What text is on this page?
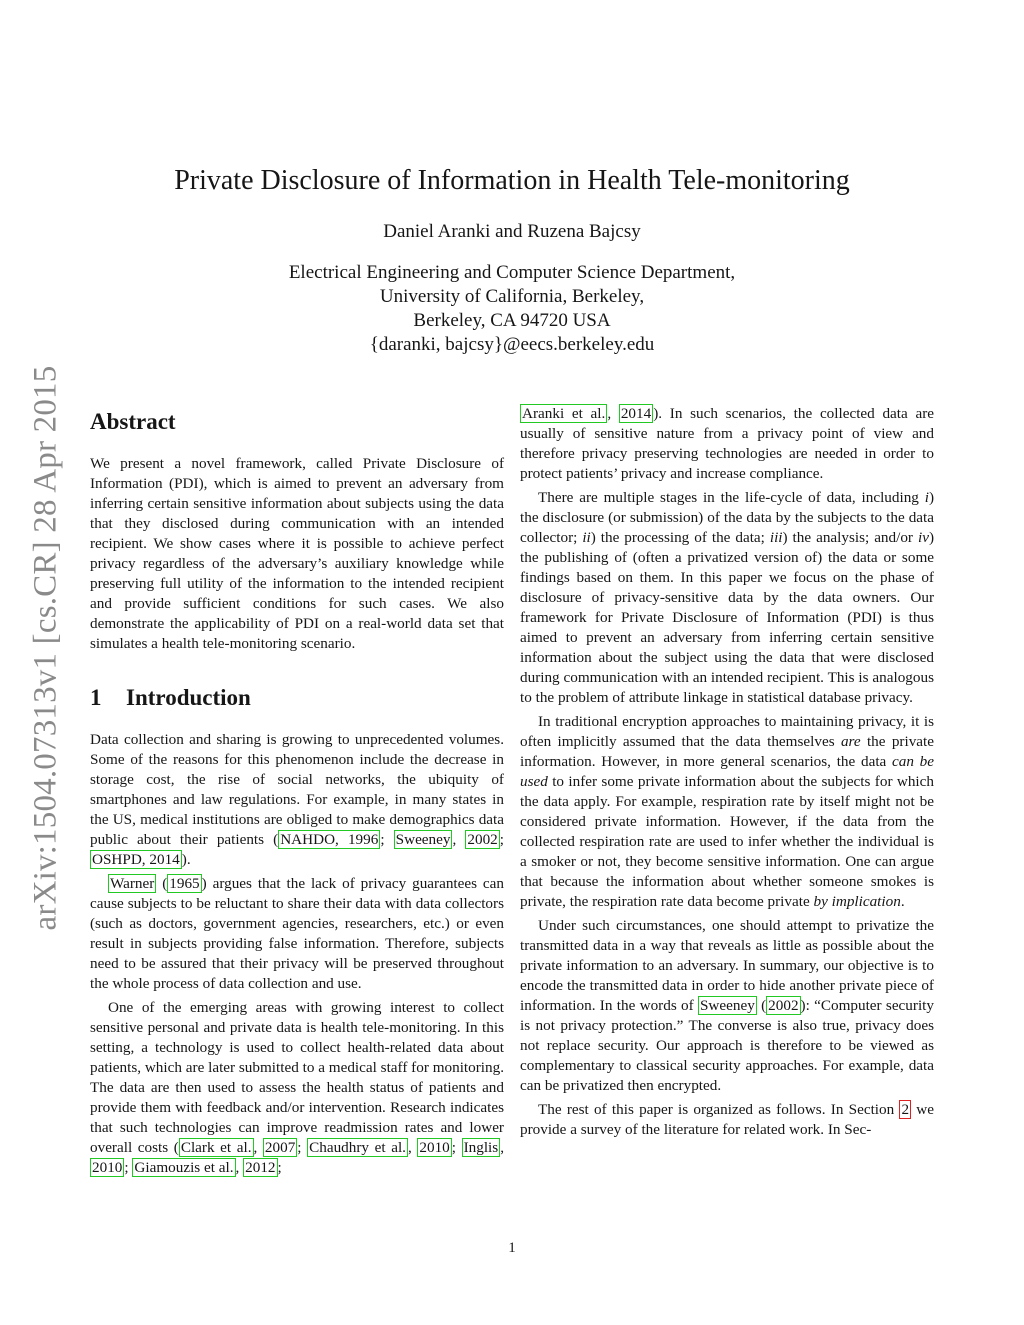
arXiv:1504.07313v1 [cs.CR] 28 Apr 2015
Private Disclosure of Information in Health Tele-monitoring
Daniel Aranki and Ruzena Bajcsy
Electrical Engineering and Computer Science Department,
University of California, Berkeley,
Berkeley, CA 94720 USA
{daranki, bajcsy}@eecs.berkeley.edu
Abstract

We present a novel framework, called Private Disclosure of Information (PDI), which is aimed to prevent an adversary from inferring certain sensitive information about subjects using the data that they disclosed during communication with an intended recipient. We show cases where it is possible to achieve perfect privacy regardless of the adversary’s auxiliary knowledge while preserving full utility of the information to the intended recipient and provide sufficient conditions for such cases. We also demonstrate the applicability of PDI on a real-world data set that simulates a health tele-monitoring scenario.

1 Introduction

Data collection and sharing is growing to unprecedented volumes. Some of the reasons for this phenomenon include the decrease in storage cost, the rise of social networks, the ubiquity of smartphones and law regulations. For example, in many states in the US, medical institutions are obliged to make demographics data public about their patients ( NAHDO, 1996 ; Sweeney , 2002 ; OSHPD, 2014 ).

Warner ( 1965 ) argues that the lack of privacy guarantees can cause subjects to be reluctant to share their data with data collectors (such as doctors, government agencies, researchers, etc.) or even result in subjects providing false information. Therefore, subjects need to be assured that their privacy will be preserved throughout the whole process of data collection and use.

One of the emerging areas with growing interest to collect sensitive personal and private data is health tele-monitoring. In this setting, a technology is used to collect health-related data about patients, which are later submitted to a medical staff for monitoring. The data are then used to assess the health status of patients and provide them with feedback and/or intervention. Research indicates that such technologies can improve readmission rates and lower overall costs ( Clark et al. , 2007 ; Chaudhry et al. , 2010 ; Inglis , 2010 ; Giamouzis et al. , 2012 ;

Aranki et al. , 2014 ). In such scenarios, the collected data are usually of sensitive nature from a privacy point of view and therefore privacy preserving technologies are needed in order to protect patients’ privacy and increase compliance.

There are multiple stages in the life-cycle of data, including i) the disclosure (or submission) of the data by the subjects to the data collector; ii) the processing of the data; iii) the analysis; and/or iv) the publishing of (often a privatized version of) the data or some findings based on them. In this paper we focus on the phase of disclosure of privacy-sensitive data by the data owners. Our framework for Private Disclosure of Information (PDI) is thus aimed to prevent an adversary from inferring certain sensitive information about the subject using the data that were disclosed during communication with an intended recipient. This is analogous to the problem of attribute linkage in statistical database privacy.

In traditional encryption approaches to maintaining privacy, it is often implicitly assumed that the data themselves are the private information. However, in more general scenarios, the data can be used to infer some private information about the subjects for which the data apply. For example, respiration rate by itself might not be considered private information. However, if the data from the collected respiration rate are used to infer whether the individual is a smoker or not, they become sensitive information. One can argue that because the information about whether someone smokes is private, the respiration rate data become private by implication.

Under such circumstances, one should attempt to privatize the transmitted data in a way that reveals as little as possible about the private information to an adversary. In summary, our objective is to encode the transmitted data in order to hide another private piece of information. In the words of Sweeney ( 2002 ): “Computer security is not privacy protection.” The converse is also true, privacy does not replace security. Our approach is therefore to be viewed as complementary to classical security approaches. For example, data can be privatized then encrypted.

The rest of this paper is organized as follows. In Section 2 we provide a survey of the literature for related work. In Sec-

1
